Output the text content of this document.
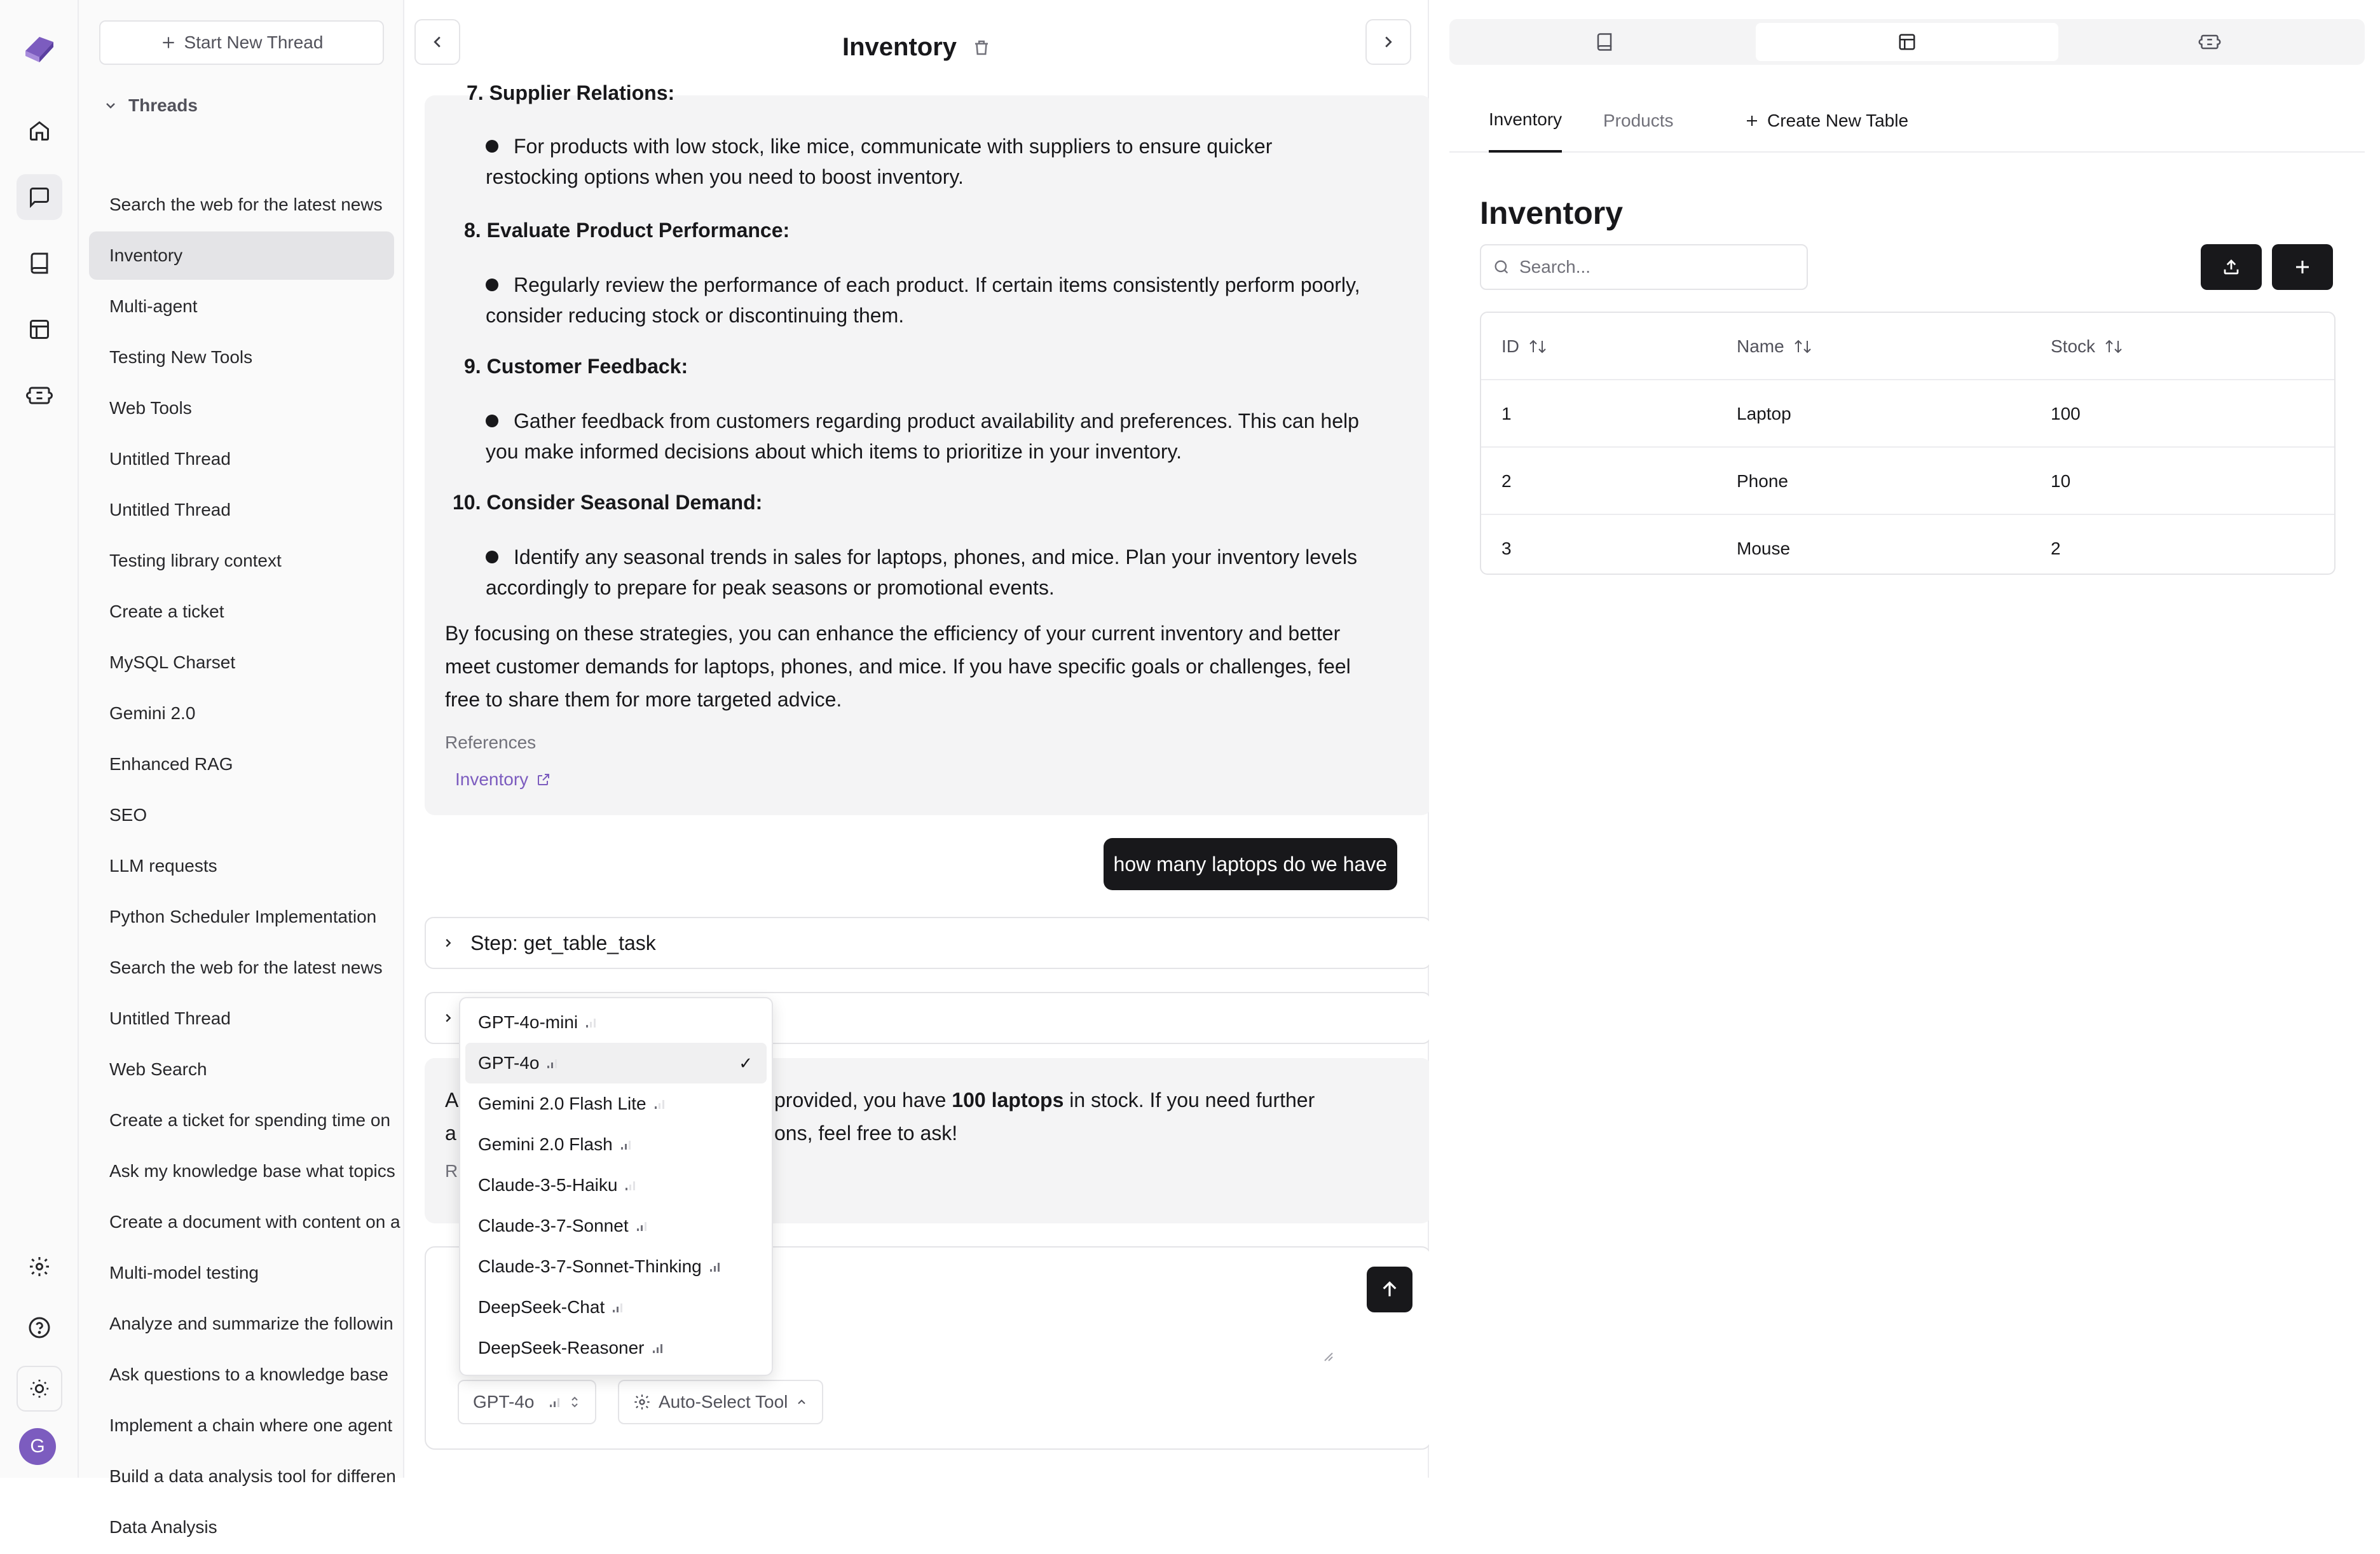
G
Start New Thread
Threads
Search the web for the latest news
Inventory
Multi-agent
Testing New Tools
Web Tools
Untitled Thread
Untitled Thread
Testing library context
Create a ticket
MySQL Charset
Gemini 2.0
Enhanced RAG
SEO
LLM requests
Python Scheduler Implementation
Search the web for the latest news
Untitled Thread
Web Search
Create a ticket for spending time on
Ask my knowledge base what topics
Create a document with content on a
Multi-model testing
Analyze and summarize the followin
Ask questions to a knowledge base
Implement a chain where one agent
Build a data analysis tool for differen
Data Analysis
Inventory
7. Supplier Relations:
For products with low stock, like mice, communicate with suppliers to ensure quicker
restocking options when you need to boost inventory.
8. Evaluate Product Performance:
Regularly review the performance of each product. If certain items consistently perform poorly,
consider reducing stock or discontinuing them.
9. Customer Feedback:
Gather feedback from customers regarding product availability and preferences. This can help
you make informed decisions about which items to prioritize in your inventory.
10. Consider Seasonal Demand:
Identify any seasonal trends in sales for laptops, phones, and mice. Plan your inventory levels
accordingly to prepare for peak seasons or promotional events.
By focusing on these strategies, you can enhance the efficiency of your current inventory and better
meet customer demands for laptops, phones, and mice. If you have specific goals or challenges, feel
free to share them for more targeted advice.
References
Inventory
how many laptops do we have
Step: get_table_task
A	provided, you have 100 laptops in stock. If you need further
a	ons, feel free to ask!
R
GPT-4o	Auto-Select Tool
GPT-4o-mini
GPT-4o	✓
Gemini 2.0 Flash Lite
Gemini 2.0 Flash
Claude-3-5-Haiku
Claude-3-7-Sonnet
Claude-3-7-Sonnet-Thinking
DeepSeek-Chat
DeepSeek-Reasoner
Inventory Products	Create New Table
Inventory
Search...
ID	Name	Stock
1	Laptop	100
2	Phone	10
3	Mouse	2
